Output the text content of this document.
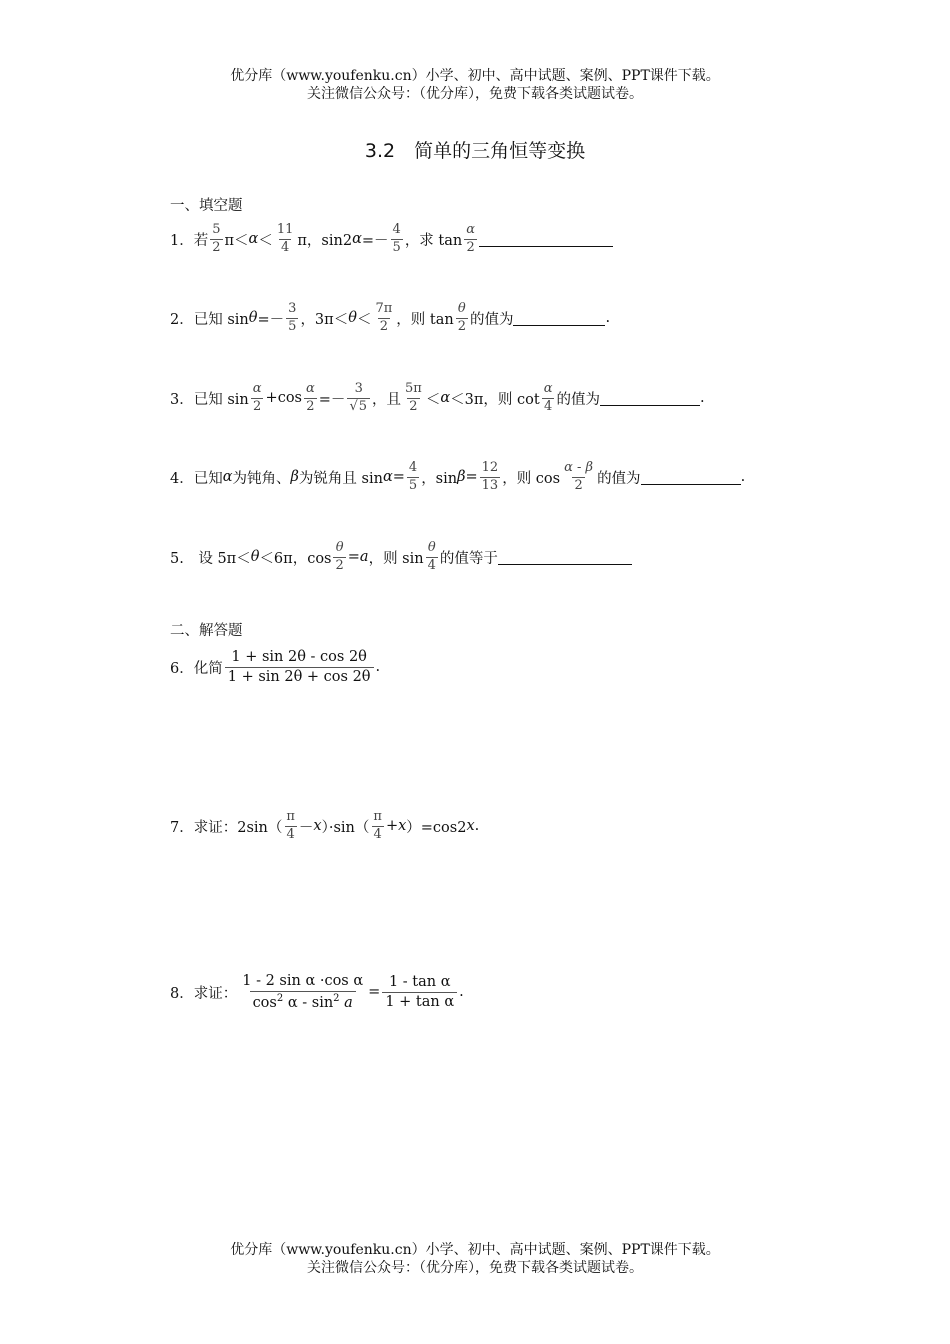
优分库（www.youfenku.cn）小学、初中、高中试题、案例、PPT课件下载。
关注微信公众号：（优分库），免费下载各类试题试卷。
3.2　简单的三角恒等变换
一、填空题
1．若 $\frac{5}{2} \pi< \alpha < \frac{11}{4}$ π，sin2 $\alpha =- \frac{4}{5}$ ，求 $\tan \frac{\alpha}{2}$
2．已知 $\sin \theta =- \frac{3}{5}$ ，$3\pi< \theta < \frac{7\pi}{2}$ ，则 $\tan \frac{\theta}{2}$ 的值为	.
3．已知 $\sin \frac{\alpha}{2} +\cos \frac{\alpha}{2} =- \frac{3}{√5}$ ，且 $\frac{5\pi}{2} < \alpha <3\pi$，则 $\cot \frac{\alpha}{4}$ 的值为	.
4．已知 α 为钝角、 β 为锐角且 $\sin \alpha = \frac{4}{5}$ ，$\sin \beta = \frac{12}{13}$ ，则 $\cos \frac{\alpha - \beta}{2}$ 的值为	.
5.　设 5π＜ θ ＜6π，$\cos \frac{\theta}{2} = a$ ，则 $\sin \frac{\theta}{4}$ 的值等于
二、解答题
6．化简 $\frac{1 + \sin 2\theta - \cos 2\theta}{1 + \sin 2\theta + \cos 2\theta}$ .
7．求证：$2\sin( \frac{\pi}{4} - x$ ）$\cdot\sin( \frac{\pi}{4} + x$ ）=cos2 x .
8．求证： $\frac{\text{1 - 2 sin α ·cos α}}{\cos^2 \alpha - \sin^2 a} = \frac{\text{1 - tan α}}{\text{1 + tan α}}$ .
优分库（www.youfenku.cn）小学、初中、高中试题、案例、PPT课件下载。
关注微信公众号：（优分库），免费下载各类试题试卷。
